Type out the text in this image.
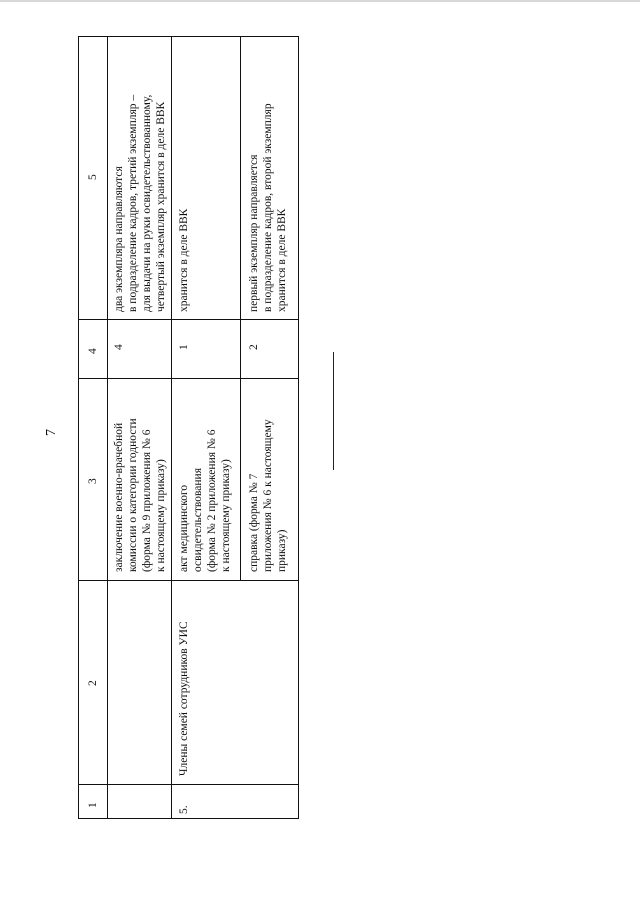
7
1
2
3
4
5
заключение военно-врачебной комиссии о категории годности (форма № 9 приложения № 6 к настоящему приказу)
4
два экземпляра направляются в подразделение кадров, третий экземпляр – для выдачи на руки освидетельствованному, четвертый экземпляр хранится в деле ВВК
5.
Члены семей сотрудников УИС
акт медицинского освидетельствования (форма № 2 приложения № 6 к настоящему приказу)
1
хранится в деле ВВК
справка (форма № 7 приложения № 6 к настоящему приказу)
2
первый экземпляр направляется в подразделение кадров, второй экземпляр хранится в деле ВВК
